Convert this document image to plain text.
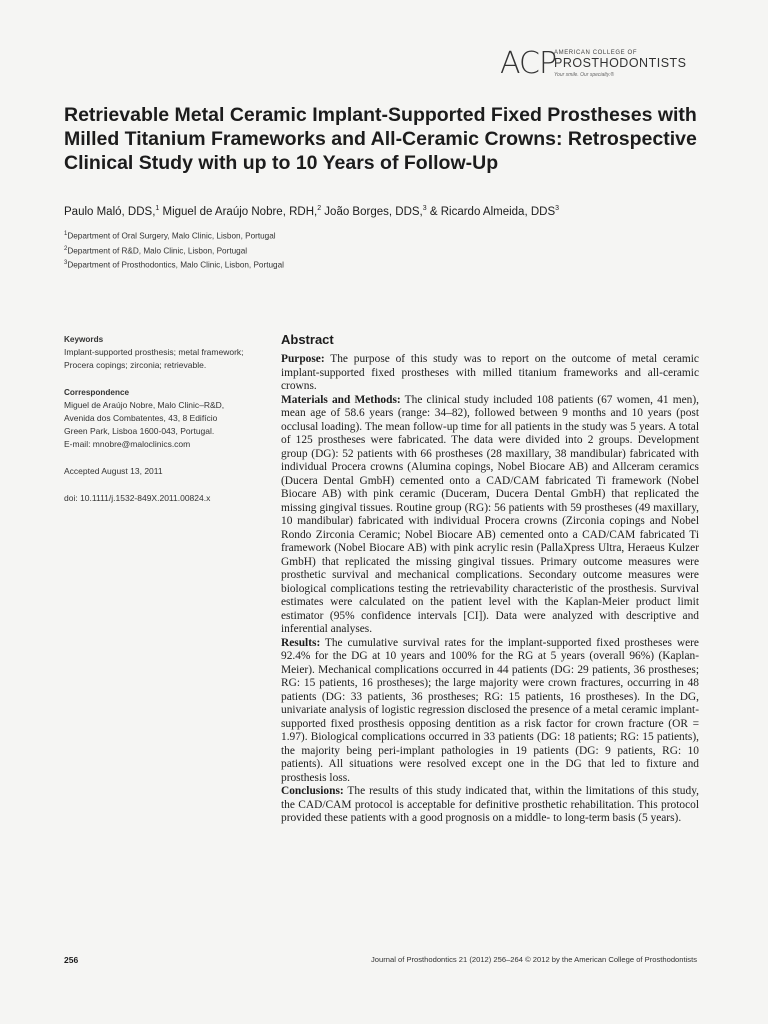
ACP
AMERICAN COLLEGE OF
PROSTHODONTISTS
Your smile. Our specialty.®
Retrievable Metal Ceramic Implant-Supported Fixed Prostheses with Milled Titanium Frameworks and All-Ceramic Crowns: Retrospective Clinical Study with up to 10 Years of Follow-Up
Paulo Maló, DDS,$^1$ Miguel de Araújo Nobre, RDH,$^2$ João Borges, DDS,$^3$ & Ricardo Almeida, DDS$^3$
$^1$Department of Oral Surgery, Malo Clinic, Lisbon, Portugal
$^2$Department of R&D, Malo Clinic, Lisbon, Portugal
$^3$Department of Prosthodontics, Malo Clinic, Lisbon, Portugal
Keywords
Implant-supported prosthesis; metal framework; Procera copings; zirconia; retrievable.
Correspondence
Miguel de Araújo Nobre, Malo Clinic–R&D,
Avenida dos Combatentes, 43, 8 Edifício
Green Park, Lisboa 1600-043, Portugal.
E-mail: mnobre@maloclinics.com
Accepted August 13, 2011
doi: 10.1111/j.1532-849X.2011.00824.x
Abstract

Purpose: The purpose of this study was to report on the outcome of metal ceramic implant-supported fixed prostheses with milled titanium frameworks and all-ceramic crowns.

Materials and Methods: The clinical study included 108 patients (67 women, 41 men), mean age of 58.6 years (range: 34–82), followed between 9 months and 10 years (post occlusal loading). The mean follow-up time for all patients in the study was 5 years. A total of 125 prostheses were fabricated. The data were divided into 2 groups. Development group (DG): 52 patients with 66 prostheses (28 maxillary, 38 mandibular) fabricated with individual Procera crowns (Alumina copings, Nobel Biocare AB) and Allceram ceramics (Ducera Dental GmbH) cemented onto a CAD/CAM fabricated Ti framework (Nobel Biocare AB) with pink ceramic (Duceram, Ducera Dental GmbH) that replicated the missing gingival tissues. Routine group (RG): 56 patients with 59 prostheses (49 maxillary, 10 mandibular) fabricated with individual Procera crowns (Zirconia copings and Nobel Rondo Zirconia Ceramic; Nobel Biocare AB) cemented onto a CAD/CAM fabricated Ti framework (Nobel Biocare AB) with pink acrylic resin (PallaXpress Ultra, Heraeus Kulzer GmbH) that replicated the missing gingival tissues. Primary outcome measures were prosthetic survival and mechanical complications. Secondary outcome measures were biological complications testing the retrievability characteristic of the prosthesis. Survival estimates were calculated on the patient level with the Kaplan-Meier product limit estimator (95% confidence intervals [CI]). Data were analyzed with descriptive and inferential analyses.

Results: The cumulative survival rates for the implant-supported fixed prostheses were 92.4% for the DG at 10 years and 100% for the RG at 5 years (overall 96%) (Kaplan-Meier). Mechanical complications occurred in 44 patients (DG: 29 patients, 36 prostheses; RG: 15 patients, 16 prostheses); the large majority were crown fractures, occurring in 48 patients (DG: 33 patients, 36 prostheses; RG: 15 patients, 16 prostheses). In the DG, univariate analysis of logistic regression disclosed the presence of a metal ceramic implant-supported fixed prosthesis opposing dentition as a risk factor for crown fracture (OR = 1.97). Biological complications occurred in 33 patients (DG: 18 patients; RG: 15 patients), the majority being peri-implant pathologies in 19 patients (DG: 9 patients, RG: 10 patients). All situations were resolved except one in the DG that led to fixture and prosthesis loss.

Conclusions: The results of this study indicated that, within the limitations of this study, the CAD/CAM protocol is acceptable for definitive prosthetic rehabilitation. This protocol provided these patients with a good prognosis on a middle- to long-term basis (5 years).

256	Journal of Prosthodontics 21 (2012) 256–264 © 2012 by the American College of Prosthodontists
